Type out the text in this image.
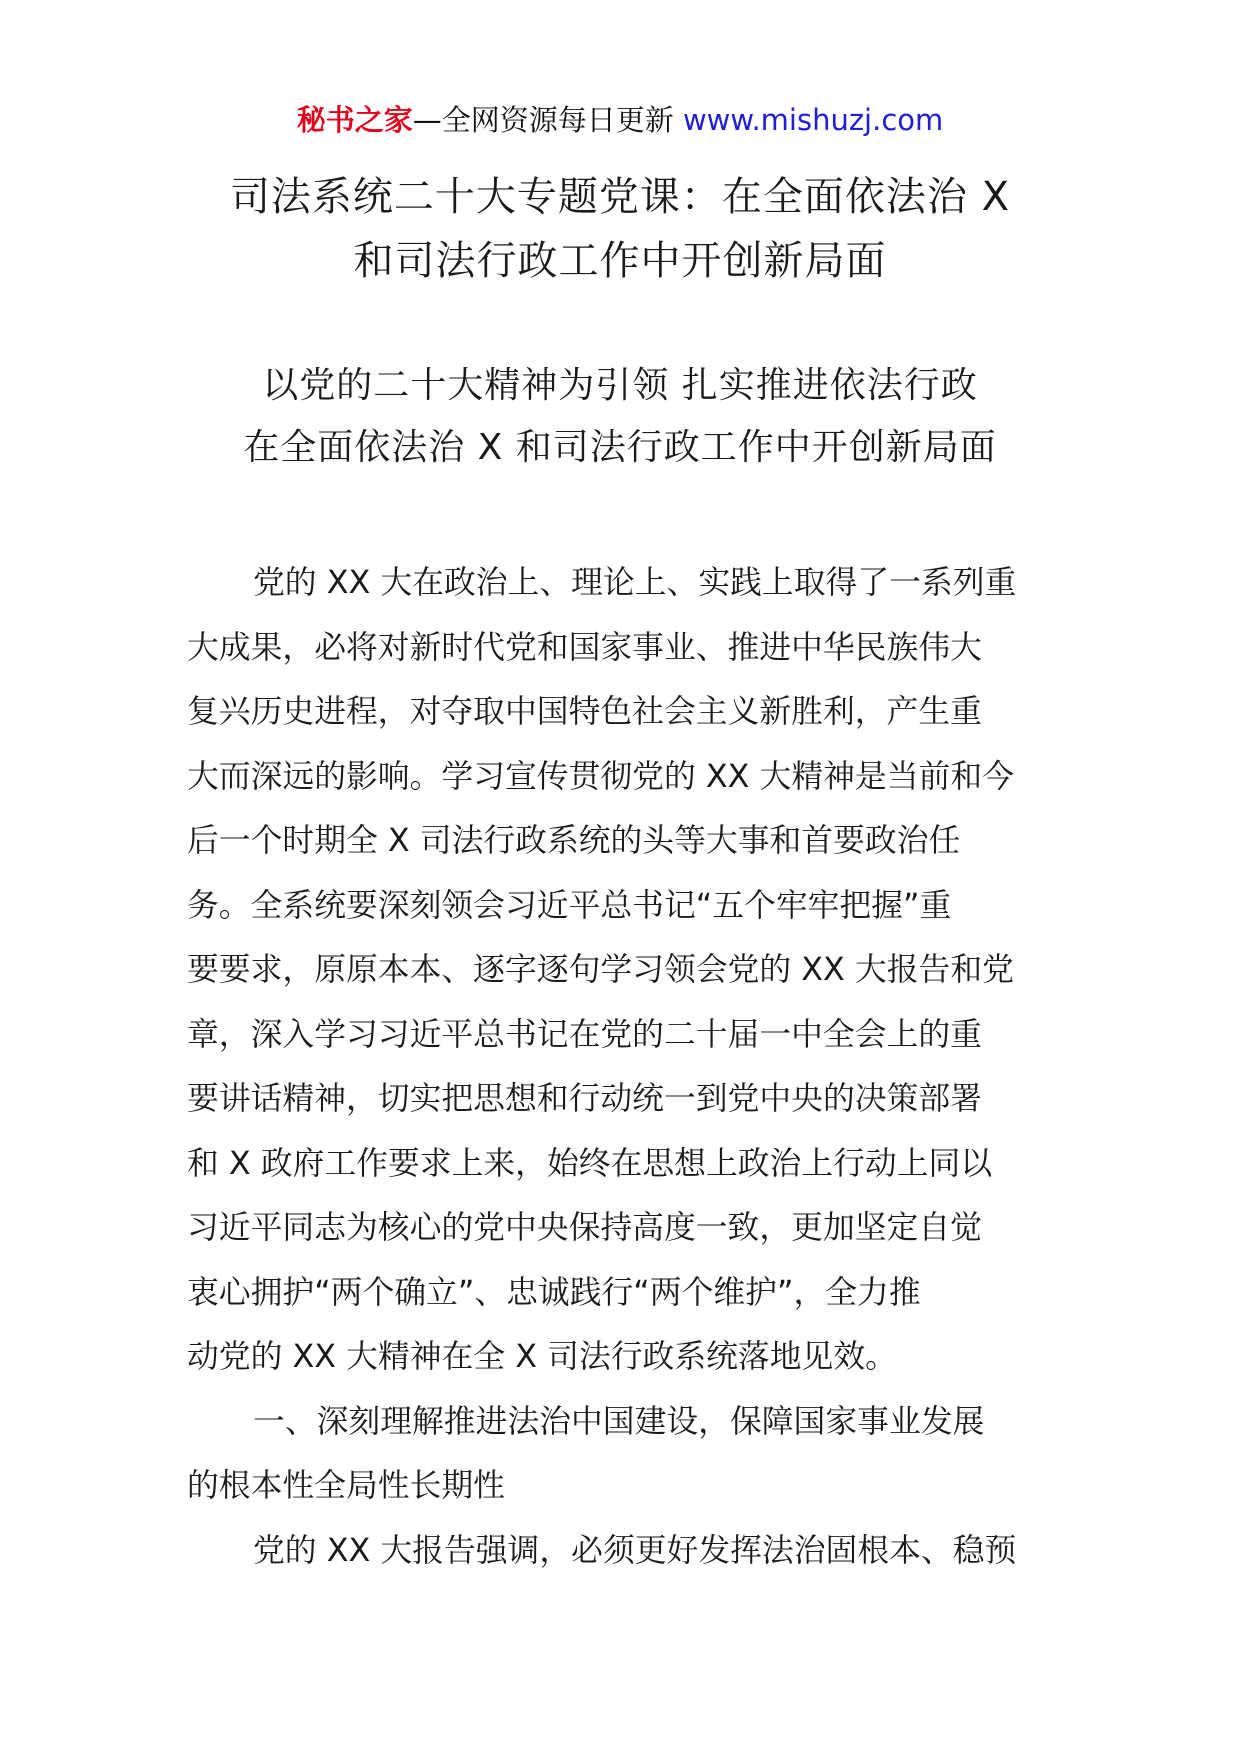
秘书之家—全网资源每日更新 www.mishuzj.com
司法系统二十大专题党课：在全面依法治 X
和司法行政工作中开创新局面
以党的二十大精神为引领 扎实推进依法行政
在全面依法治 X 和司法行政工作中开创新局面
党的 XX 大在政治上、理论上、实践上取得了一系列重
大成果，必将对新时代党和国家事业、推进中华民族伟大
复兴历史进程，对夺取中国特色社会主义新胜利，产生重
大而深远的影响。学习宣传贯彻党的 XX 大精神是当前和今
后一个时期全 X 司法行政系统的头等大事和首要政治任
务。全系统要深刻领会习近平总书记“五个牢牢把握”重
要要求，原原本本、逐字逐句学习领会党的 XX 大报告和党
章，深入学习习近平总书记在党的二十届一中全会上的重
要讲话精神，切实把思想和行动统一到党中央的决策部署
和 X 政府工作要求上来，始终在思想上政治上行动上同以
习近平同志为核心的党中央保持高度一致，更加坚定自觉
衷心拥护“两个确立”、忠诚践行“两个维护”，全力推
动党的 XX 大精神在全 X 司法行政系统落地见效。
一、深刻理解推进法治中国建设，保障国家事业发展
的根本性全局性长期性
党的 XX 大报告强调，必须更好发挥法治固根本、稳预
